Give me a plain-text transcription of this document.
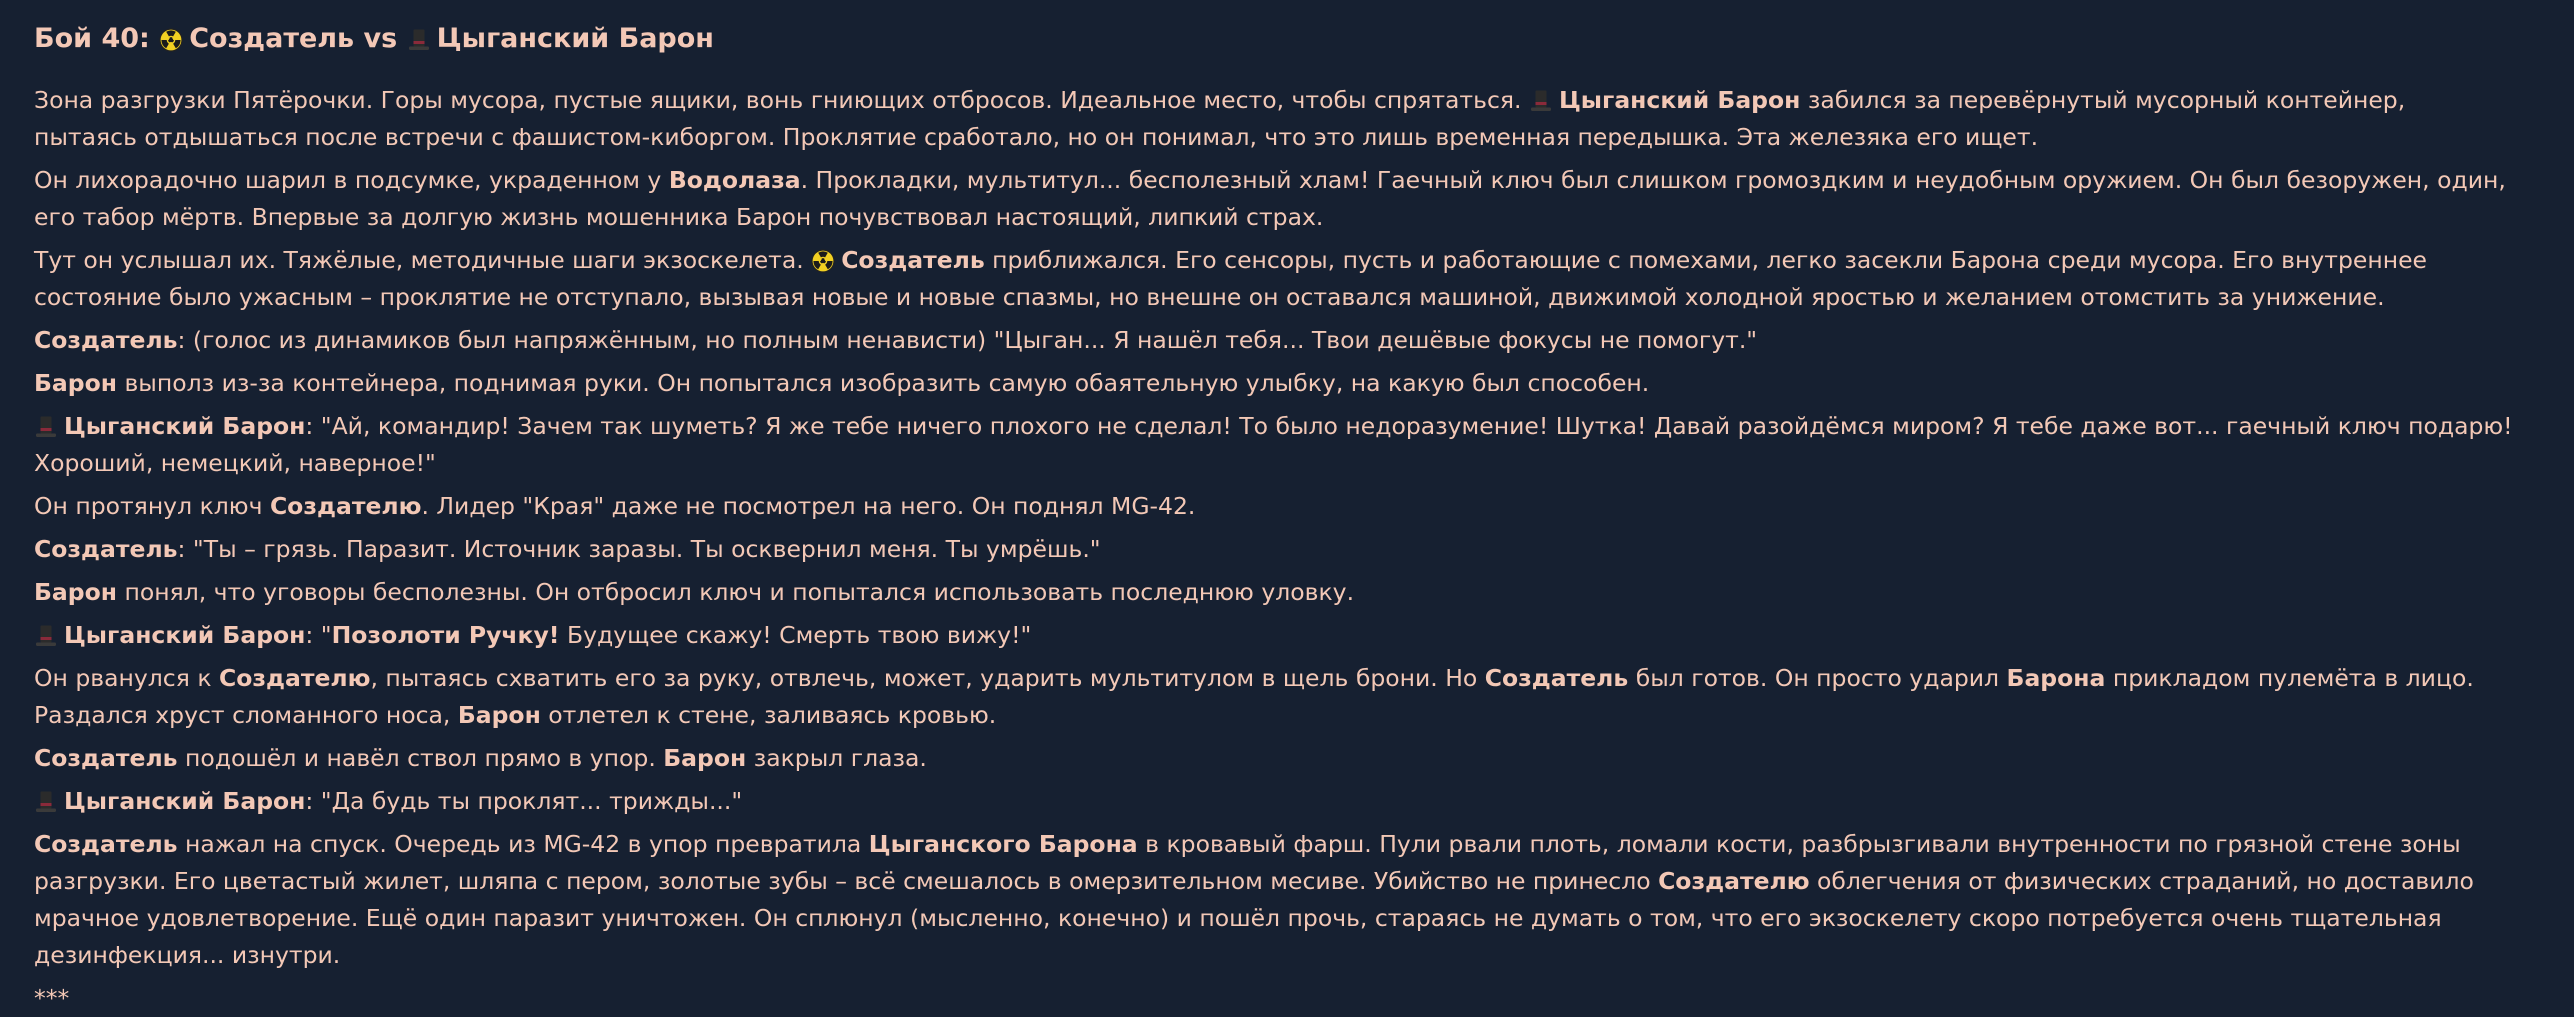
Бой 40: Создатель vs Цыганский Барон

Зона разгрузки Пятёрочки. Горы мусора, пустые ящики, вонь гниющих отбросов. Идеальное место, чтобы спрятаться.
Цыганский Барон забился за перевёрнутый мусорный контейнер, пытаясь отдышаться после встречи с фашистом-киборгом. Проклятие сработало, но он понимал, что это лишь временная передышка. Эта железяка его ищет.

Он лихорадочно шарил в подсумке, украденном у Водолаза. Прокладки, мультитул... бесполезный хлам! Гаечный ключ был слишком громоздким и неудобным оружием. Он был безоружен, один, его табор мёртв. Впервые за долгую жизнь мошенника Барон почувствовал настоящий, липкий страх.

Тут он услышал их. Тяжёлые, методичные шаги экзоскелета.
Создатель приближался. Его сенсоры, пусть и работающие с помехами, легко засекли Барона среди мусора. Его внутреннее состояние было ужасным – проклятие не отступало, вызывая новые и новые спазмы, но внешне он оставался машиной, движимой холодной яростью и желанием отомстить за унижение.

Создатель: (голос из динамиков был напряжённым, но полным ненависти) "Цыган... Я нашёл тебя... Твои дешёвые фокусы не помогут."

Барон выполз из-за контейнера, поднимая руки. Он попытался изобразить самую обаятельную улыбку, на какую был способен.

Цыганский Барон: "Ай, командир! Зачем так шуметь? Я же тебе ничего плохого не сделал! То было недоразумение! Шутка! Давай разойдёмся миром? Я тебе даже вот... гаечный ключ подарю! Хороший, немецкий, наверное!"

Он протянул ключ Создателю. Лидер "Края" даже не посмотрел на него. Он поднял MG-42.

Создатель: "Ты – грязь. Паразит. Источник заразы. Ты осквернил меня. Ты умрёшь."

Барон понял, что уговоры бесполезны. Он отбросил ключ и попытался использовать последнюю уловку.

Цыганский Барон: "Позолоти Ручку! Будущее скажу! Смерть твою вижу!"

Он рванулся к Создателю, пытаясь схватить его за руку, отвлечь, может, ударить мультитулом в щель брони. Но Создатель был готов. Он просто ударил Барона прикладом пулемёта в лицо. Раздался хруст сломанного носа, Барон отлетел к стене, заливаясь кровью.

Создатель подошёл и навёл ствол прямо в упор. Барон закрыл глаза.

Цыганский Барон: "Да будь ты проклят... трижды..."

Создатель нажал на спуск. Очередь из MG-42 в упор превратила Цыганского Барона в кровавый фарш. Пули рвали плоть, ломали кости, разбрызгивали внутренности по грязной стене зоны разгрузки. Его цветастый жилет, шляпа с пером, золотые зубы – всё смешалось в омерзительном месиве. Убийство не принесло Создателю облегчения от физических страданий, но доставило мрачное удовлетворение. Ещё один паразит уничтожен. Он сплюнул (мысленно, конечно) и пошёл прочь, стараясь не думать о том, что его экзоскелету скоро потребуется очень тщательная дезинфекция... изнутри.

***
